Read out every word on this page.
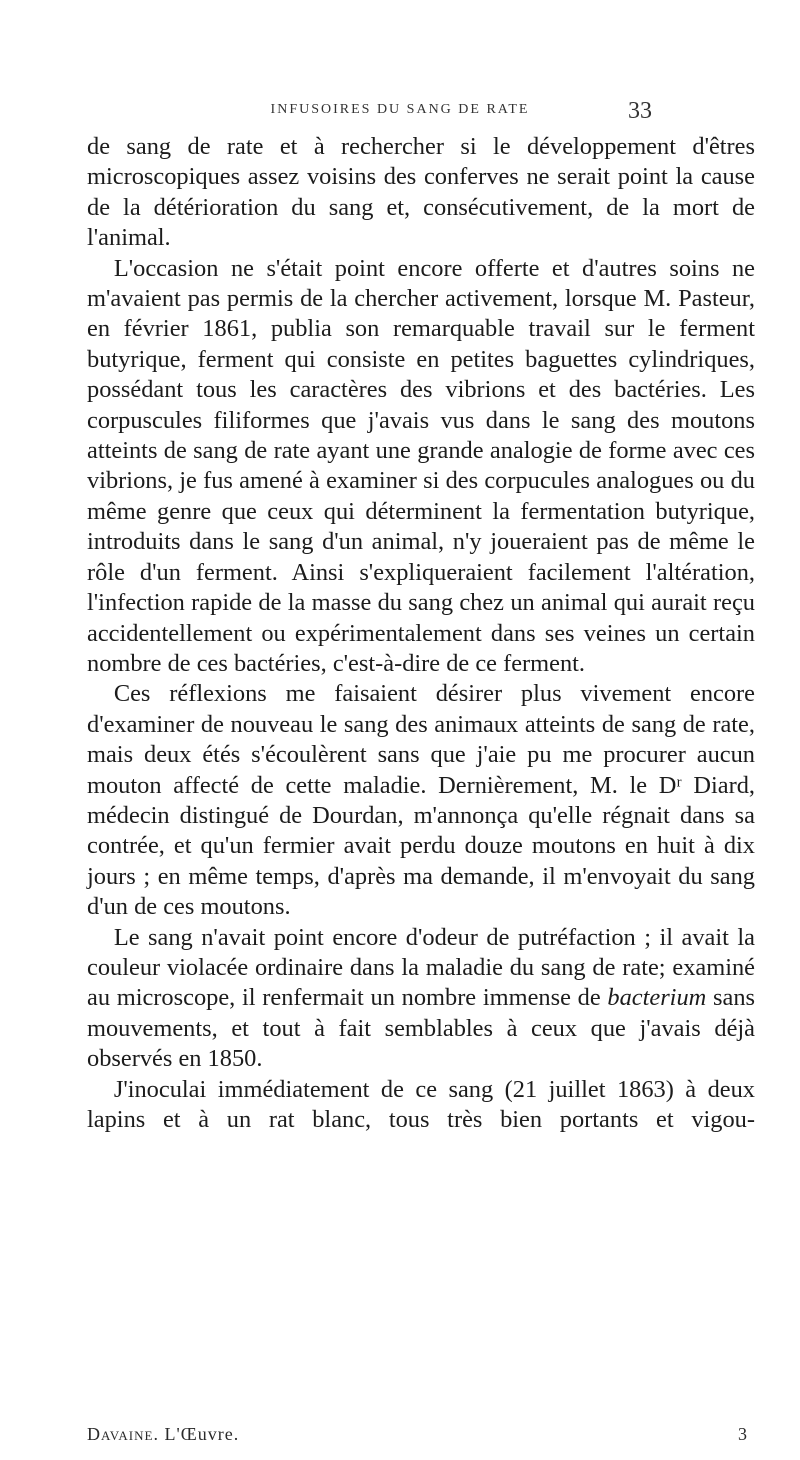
INFUSOIRES DU SANG DE RATE	33

de sang de rate et à rechercher si le développement d'êtres microscopiques assez voisins des conferves ne serait point la cause de la détérioration du sang et, consécutivement, de la mort de l'animal.

L'occasion ne s'était point encore offerte et d'autres soins ne m'avaient pas permis de la chercher activement, lorsque M. Pasteur, en février 1861, publia son remarquable travail sur le ferment butyrique, ferment qui consiste en petites baguettes cylindriques, possédant tous les caractères des vibrions et des bactéries. Les corpuscules filiformes que j'avais vus dans le sang des moutons atteints de sang de rate ayant une grande analogie de forme avec ces vibrions, je fus amené à examiner si des corpucules analogues ou du même genre que ceux qui déterminent la fermentation butyrique, introduits dans le sang d'un animal, n'y joueraient pas de même le rôle d'un ferment. Ainsi s'expliqueraient facilement l'altération, l'infection rapide de la masse du sang chez un animal qui aurait reçu accidentellement ou expérimentalement dans ses veines un certain nombre de ces bactéries, c'est-à-dire de ce ferment.

Ces réflexions me faisaient désirer plus vivement encore d'examiner de nouveau le sang des animaux atteints de sang de rate, mais deux étés s'écoulèrent sans que j'aie pu me procurer aucun mouton affecté de cette maladie. Dernièrement, M. le Dʳ Diard, médecin distingué de Dourdan, m'annonça qu'elle régnait dans sa contrée, et qu'un fermier avait perdu douze moutons en huit à dix jours ; en même temps, d'après ma demande, il m'envoyait du sang d'un de ces moutons.

Le sang n'avait point encore d'odeur de putréfaction ; il avait la couleur violacée ordinaire dans la maladie du sang de rate; examiné au microscope, il renfermait un nombre immense de bacterium sans mouvements, et tout à fait semblables à ceux que j'avais déjà observés en 1850.

J'inoculai immédiatement de ce sang (21 juillet 1863) à deux lapins et à un rat blanc, tous très bien portants et vigou-

Davaine. L'Œuvre.	3
